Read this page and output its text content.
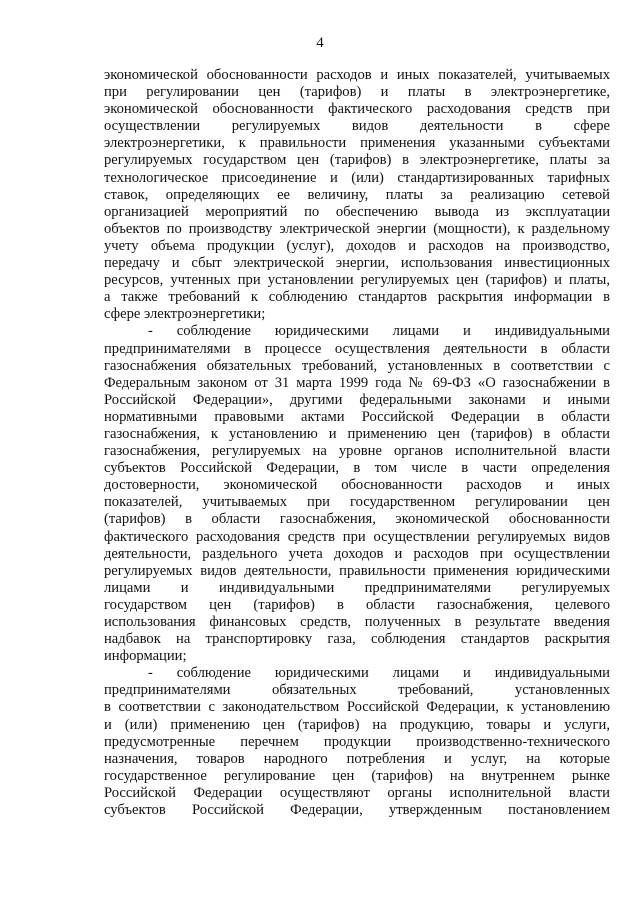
4
экономической обоснованности расходов и иных показателей, учитываемых
при регулировании цен (тарифов) и платы в электроэнергетике,
экономической обоснованности фактического расходования средств при
осуществлении регулируемых видов деятельности в сфере
электроэнергетики, к правильности применения указанными субъектами
регулируемых государством цен (тарифов) в электроэнергетике, платы за
технологическое присоединение и (или) стандартизированных тарифных
ставок, определяющих ее величину, платы за реализацию сетевой
организацией мероприятий по обеспечению вывода из эксплуатации
объектов по производству электрической энергии (мощности), к раздельному
учету объема продукции (услуг), доходов и расходов на производство,
передачу и сбыт электрической энергии, использования инвестиционных
ресурсов, учтенных при установлении регулируемых цен (тарифов) и платы,
а также требований к соблюдению стандартов раскрытия информации в
сфере электроэнергетики;
- соблюдение юридическими лицами и индивидуальными
предпринимателями в процессе осуществления деятельности в области
газоснабжения обязательных требований, установленных в соответствии с
Федеральным законом от 31 марта 1999 года № 69-ФЗ «О газоснабжении в
Российской Федерации», другими федеральными законами и иными
нормативными правовыми актами Российской Федерации в области
газоснабжения, к установлению и применению цен (тарифов) в области
газоснабжения, регулируемых на уровне органов исполнительной власти
субъектов Российской Федерации, в том числе в части определения
достоверности, экономической обоснованности расходов и иных
показателей, учитываемых при государственном регулировании цен
(тарифов) в области газоснабжения, экономической обоснованности
фактического расходования средств при осуществлении регулируемых видов
деятельности, раздельного учета доходов и расходов при осуществлении
регулируемых видов деятельности, правильности применения юридическими
лицами и индивидуальными предпринимателями регулируемых
государством цен (тарифов) в области газоснабжения, целевого
использования финансовых средств, полученных в результате введения
надбавок на транспортировку газа, соблюдения стандартов раскрытия
информации;
- соблюдение юридическими лицами и индивидуальными
предпринимателями обязательных требований, установленных
в соответствии с законодательством Российской Федерации, к установлению
и (или) применению цен (тарифов) на продукцию, товары и услуги,
предусмотренные перечнем продукции производственно-технического
назначения, товаров народного потребления и услуг, на которые
государственное регулирование цен (тарифов) на внутреннем рынке
Российской Федерации осуществляют органы исполнительной власти
субъектов Российской Федерации, утвержденным постановлением
